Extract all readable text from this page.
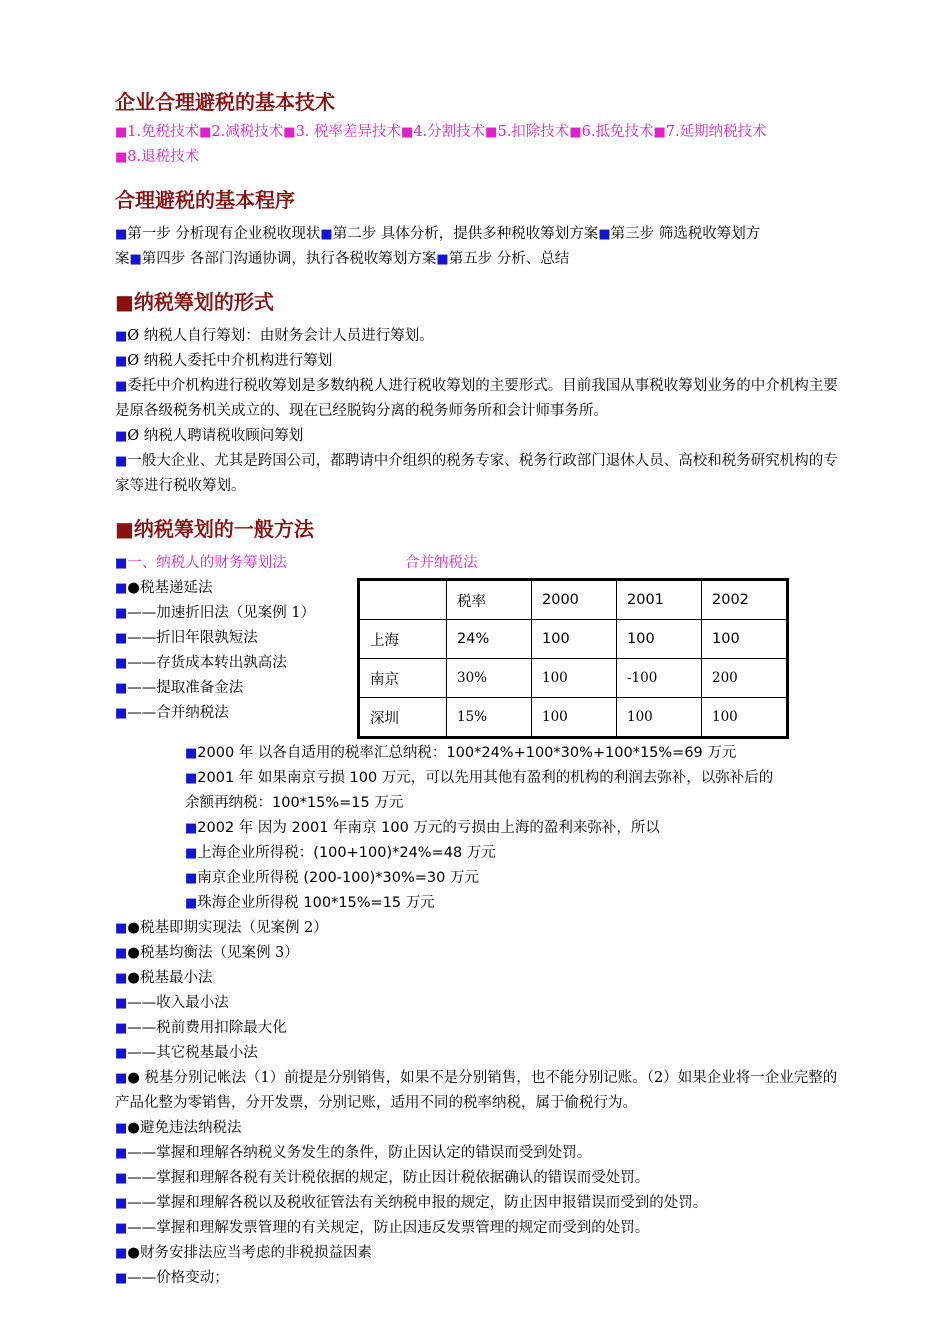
企业合理避税的基本技术
■1.免税技术■2.减税技术■3. 税率差异技术■4.分割技术■5.扣除技术■6.抵免技术■7.延期纳税技术
■8.退税技术
合理避税的基本程序
■第一步 分析现有企业税收现状■第二步 具体分析，提供多种税收筹划方案■第三步 筛选税收筹划方
案■第四步 各部门沟通协调，执行各税收筹划方案■第五步 分析、总结
■ 纳税筹划的形式
■ Ø 纳税人自行筹划：由财务会计人员进行筹划。
■ Ø 纳税人委托中介机构进行筹划
■ 委托中介机构进行税收筹划是多数纳税人进行税收筹划的主要形式。目前我国从事税收筹划业务的中介机构主要是原各级税务机关成立的、现在已经脱钩分离的税务师务所和会计师事务所。
■ Ø 纳税人聘请税收顾问筹划
■ 一般大企业、尤其是跨国公司，都聘请中介组织的税务专家、税务行政部门退休人员、高校和税务研究机构的专家等进行税收筹划。
■ 纳税筹划的一般方法
■ 一、纳税人的财务筹划法
■ ●税基递延法
■ ——加速折旧法（见案例 1）
■ ——折旧年限孰短法
■ ——存货成本转出孰高法
■ ——提取准备金法
■ ——合并纳税法
合并纳税法
	税率	2000	2001	2002
上海	24%	100	100	100
南京	30%	100	-100	200
深圳	15%	100	100	100
■ 2000 年 以各自适用的税率汇总纳税：100*24%+100*30%+100*15%=69 万元
■ 2001 年 如果南京亏损 100 万元，可以先用其他有盈利的机构的利润去弥补，以弥补后的
余额再纳税：100*15%=15 万元
■ 2002 年 因为 2001 年南京 100 万元的亏损由上海的盈利来弥补，所以
■ 上海企业所得税：(100+100)*24%=48 万元
■ 南京企业所得税 (200-100)*30%=30 万元
■ 珠海企业所得税 100*15%=15 万元
■ ●税基即期实现法（见案例 2）
■ ●税基均衡法（见案例 3）
■ ●税基最小法
■ ——收入最小法
■ ——税前费用扣除最大化
■ ——其它税基最小法
■ ● 税基分别记帐法（1）前提是分别销售，如果不是分别销售，也不能分别记账。（2）如果企业将一企业完整的产品化整为零销售，分开发票，分别记账，适用不同的税率纳税，属于偷税行为。
■ ●避免违法纳税法
■ ——掌握和理解各纳税义务发生的条件，防止因认定的错误而受到处罚。
■ ——掌握和理解各税有关计税依据的规定，防止因计税依据确认的错误而受处罚。
■ ——掌握和理解各税以及税收征管法有关纳税申报的规定，防止因申报错误而受到的处罚。
■ ——掌握和理解发票管理的有关规定，防止因违反发票管理的规定而受到的处罚。
■ ●财务安排法应当考虑的非税损益因素
■ ——价格变动；
